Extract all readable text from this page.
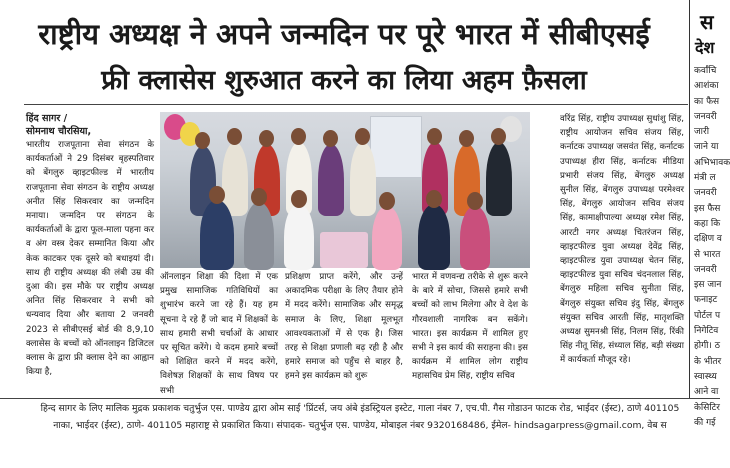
राष्ट्रीय अध्यक्ष ने अपने जन्मदिन पर पूरे भारत में सीबीएसई
फ्री क्लासेस शुरुआत करने का लिया अहम फ़ैसला
हिंद सागर /
सोमनाथ चौरसिया,

भारतीय राजपूताना सेवा संगठन के कार्यकर्ताओं ने 29 दिसंबर बृहस्पतिवार को बेंगलुरु व्हाइटफील्ड में भारतीय राजपूताना सेवा संगठन के राष्ट्रीय अध्यक्ष अनीत सिंह सिकरवार का जन्मदिन मनाया। जन्मदिन पर संगठन के कार्यकर्ताओं के द्वारा फूल-माला पहना कर व अंग वस्त्र देकर सम्मानित किया और केक काटकर एक दूसरे को बधाइयां दी। साथ ही राष्ट्रीय अध्यक्ष की लंबी उम्र की दुआ की। इस मौके पर राष्ट्रीय अध्यक्ष अनित सिंह सिकरवार ने सभी को धन्यवाद दिया और बताया 2 जनवरी 2023 से सीबीएसई बोर्ड की 8,9,10 क्लासेस के बच्चों को ऑनलाइन डिजिटल क्लास के द्वारा फ्री क्लास देने का आह्वान किया है,

ऑनलाइन शिक्षा की दिशा में एक प्रमुख सामाजिक गतिविधियों का शुभारंभ करने जा रहे हैं। यह हम सूचना दे रहे हैं जो बाद में शिक्षकों के साथ हमारी सभी चर्चाओं के आधार पर सूचित करेंगे। ये कदम हमारे बच्चों को शिक्षित करने में मदद करेंगे, विशेषज्ञ शिक्षकों के साथ विषय पर सभी

प्रशिक्षण प्राप्त करेंगे, और उन्हें अकादमिक परीक्षा के लिए तैयार होने में मदद करेंगे। सामाजिक और समृद्ध समाज के लिए, शिक्षा मूलभूत आवश्यकताओं में से एक है। जिस तरह से शिक्षा प्रणाली बढ़ रही है और हमारे समाज को पहुँच से बाहर है, हमने इस कार्यक्रम को शुरू

भारत में वणवन्द्य तरीके से शुरू करने के बारे में सोचा, जिससे हमारे सभी बच्चों को लाभ मिलेगा और वे देश के गौरवशाली नागरिक बन सकेंगे। भारत। इस कार्यक्रम में शामिल हुए सभी ने इस कार्य की सराहना की। इस कार्यक्रम में शामिल लोग राष्ट्रीय महासचिव प्रेम सिंह, राष्ट्रीय सचिव

वरिंद्र सिंह, राष्ट्रीय उपाध्यक्ष सुधांशु सिंह, राष्ट्रीय आयोजन सचिव संजय सिंह, कर्नाटक उपाध्यक्ष जसवंत सिंह, कर्नाटक उपाध्यक्ष हीरा सिंह, कर्नाटक मीडिया प्रभारी संजय सिंह, बेंगलुरु अध्यक्ष सुनील सिंह, बेंगलुरु उपाध्यक्ष परमेश्वर सिंह, बेंगलुरु आयोजन सचिव संजय सिंह, कामाक्षीपाल्या अध्यक्ष रमेश सिंह, आरटी नगर अध्यक्ष चितरंजन सिंह, व्हाइटफील्ड युवा अध्यक्ष देवेंद्र सिंह, व्हाइटफील्ड युवा उपाध्यक्ष चेतन सिंह, व्हाइटफील्ड युवा सचिव चंदनलाल सिंह, बेंगलुरु महिला सचिव सुनीता सिंह, बेंगलुरु संयुक्त सचिव इंदु सिंह, बेंगलुरु संयुक्त सचिव आरती सिंह, मातृशक्ति अध्यक्ष सुमनश्री सिंह, निलम सिंह, रिंकी सिंह नीतू सिंह, संध्याल सिंह, बड़ी संख्या में कार्यकर्ता मौजूद रहे।

स
देश
कर्वांचि
आशंका
का फैस
जनवरी
जारी
जाने या
अभिभावक
मंत्री ल
जनवरी
इस फैस
कहा कि
दक्षिण व
से भारत
जनवरी
इस जान
फनाइट
पोर्टल प
निगेटिव
होगी। ठ
के भीतर
स्वास्थ्य
आने वा
केसिटिर
की गई
हिन्द सागर के लिए मालिक मुद्रक प्रकाशक चतुर्भुज एस. पाण्डेय द्वारा ओम साई 'प्रिंटर्स, जय अंबे इंडस्ट्रियल इस्टेट, गाला नंबर 7, एच.पी. गैस गोडाउन फाटक रोड, भाईदर (ईस्ट), ठाणे 401105
नाका, भाईदर (ईस्ट), ठाणे- 401105 महाराष्ट्र से प्रकाशित किया। संपादक- चतुर्भुज एस. पाण्डेय, मोबाइल नंबर 9320168486, ईमेल- hindsagarpress@gmail.com, वेब स
